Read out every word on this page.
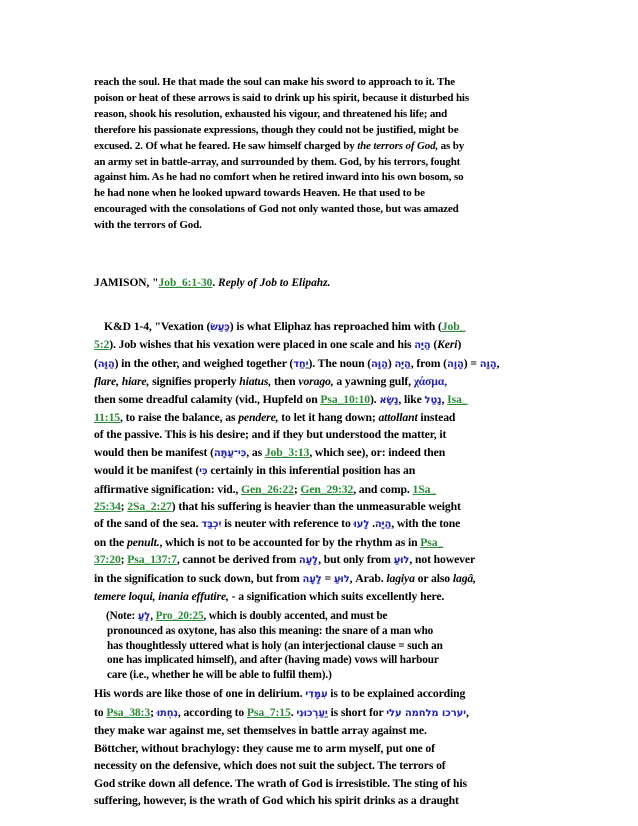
reach the soul. He that made the soul can make his sword to approach to it. The
poison or heat of these arrows is said to drink up his spirit, because it disturbed his
reason, shook his resolution, exhausted his vigour, and threatened his life; and
therefore his passionate expressions, though they could not be justified, might be
excused. 2. Of what he feared. He saw himself charged by the terrors of God, as by
an army set in battle-array, and surrounded by them. God, by his terrors, fought
against him. As he had no comfort when he retired inward into his own bosom, so
he had none when he looked upward towards Heaven. He that used to be
encouraged with the consolations of God not only wanted those, but was amazed
with the terrors of God.
JAMISON, "Job_6:1-30. Reply of Job to Elipahz.
K&D 1-4, "Vexation (כַּעַשׂ) is what Eliphaz has reproached him with (Job_
5:2). Job wishes that his vexation were placed in one scale and his הַיָּה (Keri)
(הַוָּה) in the other, and weighed together (יַחַד). The noun	הַיָּה (הַוָּה), from	הָוָה = (הָוָה),
flare, hiare, signifies properly hiatus, then vorago, a yawning gulf, χάσμα,
then some dreadful calamity (vid., Hupfeld on Psa_10:10). נָשָׂא, like נָטַל, Isa_
11:15, to raise the balance, as pendere, to let it hang down; attollant instead
of the passive. This is his desire; and if they but understood the matter, it
would then be manifest (כִּי־עַתָּה, as Job_3:13, which see), or: indeed then
would it be manifest (כִּי certainly in this inferential position has an
affirmative signification: vid., Gen_26:22; Gen_29:32, and comp. 1Sa_
25:34; 2Sa_2:27) that his suffering is heavier than the unmeasurable weight
of the sand of the sea. יִכְבַּד is neuter with reference to הַיָּה. לָעוּ , with the tone
on the penult., which is not to be accounted for by the rhythm as in Psa_
37:20; Psa_137:7, cannot be derived from לָעָה, but only from לוּעַ, not however
in the signification to suck down, but from	לוּעַ = לָעָה , Arab. lagiya or also lagâ,
temere loqui, inania effutire, - a signification which suits excellently here.
(Note: לָעַ, Pro_20:25, which is doubly accented, and must be
pronounced as oxytone, has also this meaning: the snare of a man who
has thoughtlessly uttered what is holy (an interjectional clause = such an
one has implicated himself), and after (having made) vows will harbour
care (i.e., whether he will be able to fulfil them).)
His words are like those of one in delirium. עִמָּדִי is to be explained according
to Psa_38:3; נִחְתוּ, according to Psa_7:15. יַעַרְכוּנִי is short for יערכו מלחמה עלי,
they make war against me, set themselves in battle array against me.
Böttcher, without brachylogy: they cause me to arm myself, put one of
necessity on the defensive, which does not suit the subject. The terrors of
God strike down all defence. The wrath of God is irresistible. The sting of his
suffering, however, is the wrath of God which his spirit drinks as a draught
